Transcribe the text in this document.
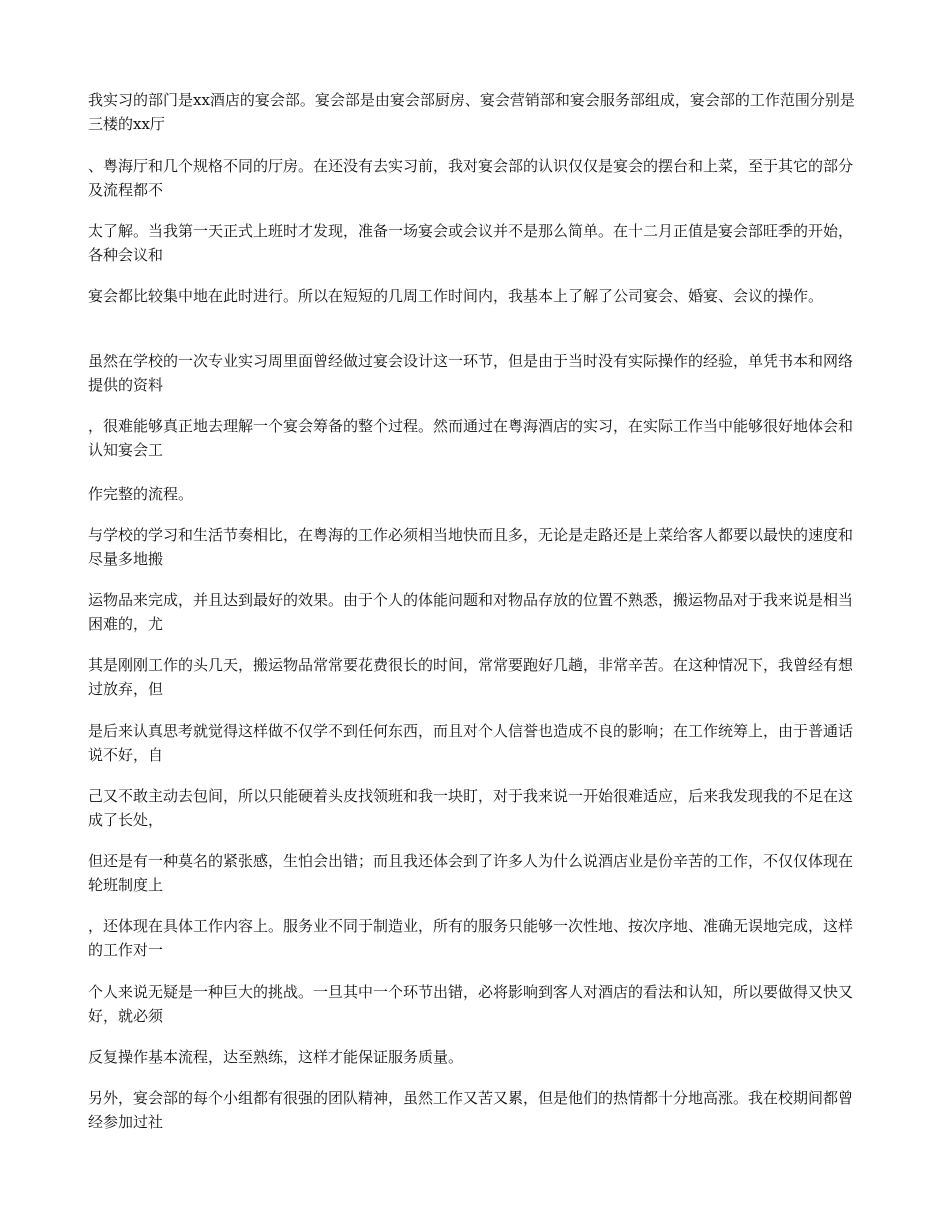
我实习的部门是xx酒店的宴会部。宴会部是由宴会部厨房、宴会营销部和宴会服务部组成，宴会部的工作范围分别是三楼的xx厅

、粤海厅和几个规格不同的厅房。在还没有去实习前，我对宴会部的认识仅仅是宴会的摆台和上菜，至于其它的部分及流程都不

太了解。当我第一天正式上班时才发现，准备一场宴会或会议并不是那么简单。在十二月正值是宴会部旺季的开始，各种会议和

宴会都比较集中地在此时进行。所以在短短的几周工作时间内，我基本上了解了公司宴会、婚宴、会议的操作。

虽然在学校的一次专业实习周里面曾经做过宴会设计这一环节，但是由于当时没有实际操作的经验，单凭书本和网络提供的资料

，很难能够真正地去理解一个宴会筹备的整个过程。然而通过在粤海酒店的实习，在实际工作当中能够很好地体会和认知宴会工

作完整的流程。

与学校的学习和生活节奏相比，在粤海的工作必须相当地快而且多，无论是走路还是上菜给客人都要以最快的速度和尽量多地搬

运物品来完成，并且达到最好的效果。由于个人的体能问题和对物品存放的位置不熟悉，搬运物品对于我来说是相当困难的，尤

其是刚刚工作的头几天，搬运物品常常要花费很长的时间，常常要跑好几趟，非常辛苦。在这种情况下，我曾经有想过放弃，但

是后来认真思考就觉得这样做不仅学不到任何东西，而且对个人信誉也造成不良的影响；在工作统筹上，由于普通话说不好，自

己又不敢主动去包间，所以只能硬着头皮找领班和我一块盯，对于我来说一开始很难适应，后来我发现我的不足在这成了长处，

但还是有一种莫名的紧张感，生怕会出错；而且我还体会到了许多人为什么说酒店业是份辛苦的工作，不仅仅体现在轮班制度上

，还体现在具体工作内容上。服务业不同于制造业，所有的服务只能够一次性地、按次序地、准确无误地完成，这样的工作对一

个人来说无疑是一种巨大的挑战。一旦其中一个环节出错，必将影响到客人对酒店的看法和认知，所以要做得又快又好，就必须

反复操作基本流程，达至熟练，这样才能保证服务质量。

另外，宴会部的每个小组都有很强的团队精神，虽然工作又苦又累，但是他们的热情都十分地高涨。我在校期间都曾经参加过社
